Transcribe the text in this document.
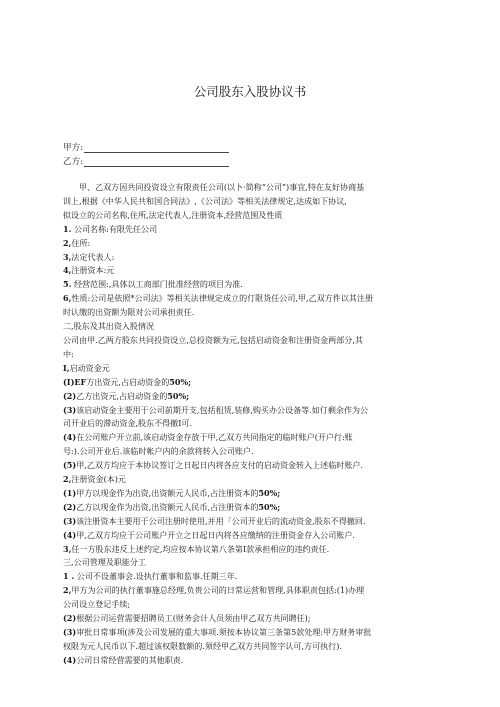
公司股东入股协议书
甲方:
乙方:

甲、乙双方因共同投资设立有限责任公司(以卜·简称“公司”)事宜,特在友好协商基

训上,根据《中华人民共和国合同法》,《公司法》等相关法律规定,达成如下协议,

拟设立的公司名称,住所,法定代表人,注册资本,经营范围及性质

1. 公司名称:有限先任公司

2,住所:

3,法定代表人:

4,注册资本:元

5. 经营范围:,具体以工商部门批准经营的项目为准.

6,性质:公司是依照*公司法》等相关法律规定成立的仃限货任公司,甲,乙双方件以其注册

时认缴的出资额为限对公司承担责任.

二,股东及其出资入股情况

公司由甲.乙两方股东共同投资设立,总投资额为元,包括启动资金和注册资金两部分,其

中:

I,启动资金元

(I)EF方出资元,占启动资金的50%;

(2)乙方出资元,占启动资金的50%;

(3)该启动资金主要用于公司前期开支,包括租赁,装修,购买办公设备等.如仃剩余作为公

司开业后的滞动资金,股东不得撤I可.

(4)在公司账户开立前,该启动资金存放于甲,乙双方共同指定的临时账户(开户行:账

号:).公司开业后.该临时帐户内的余款将转入公司账户.

(5)甲,乙双方均应于本协议签订之日起日内将各应支付的启动资金转入上述临时账户.

2,注册资金(本)元

(1)甲方以现金作为出资,出资额元人民币,占注册资本的50%;

(2)乙方以现金作为出资,出资额元人民币,占注册资本的50%;

(3)该注册资本主要用于公司注册时使用,并用「公司开业后的流动资金,股东不得撤回.

(4)甲,乙双方均应于公司账户开立之日起日内将各应缴纳的注册资金存入公司账户.

3,任一方股东违反上述约定,均应按本协议第八条第I款承担相应的违约责任.

三,公司管理及职能分工

1 . 公司不设董事会.设执行董事和监事.任期三年.

2,甲方为公司的执行董事施总经理,负贵公司的日常运营和管理,具体职责包括:(1)办理

公司设立登记手续;

(2)根据公司运营需要招聘员工(财务会计人员须由甲乙双方共同聘任);

(3)审批日常事项(涉及公司发展的重大事项.须按本协议第三条第5款处理:甲方财务审批

权限为元人民币以下.超过该权限数额的.须经甲乙双方共同签字认可,方可执行).

(4)公司日常经营需要的其他职责.
